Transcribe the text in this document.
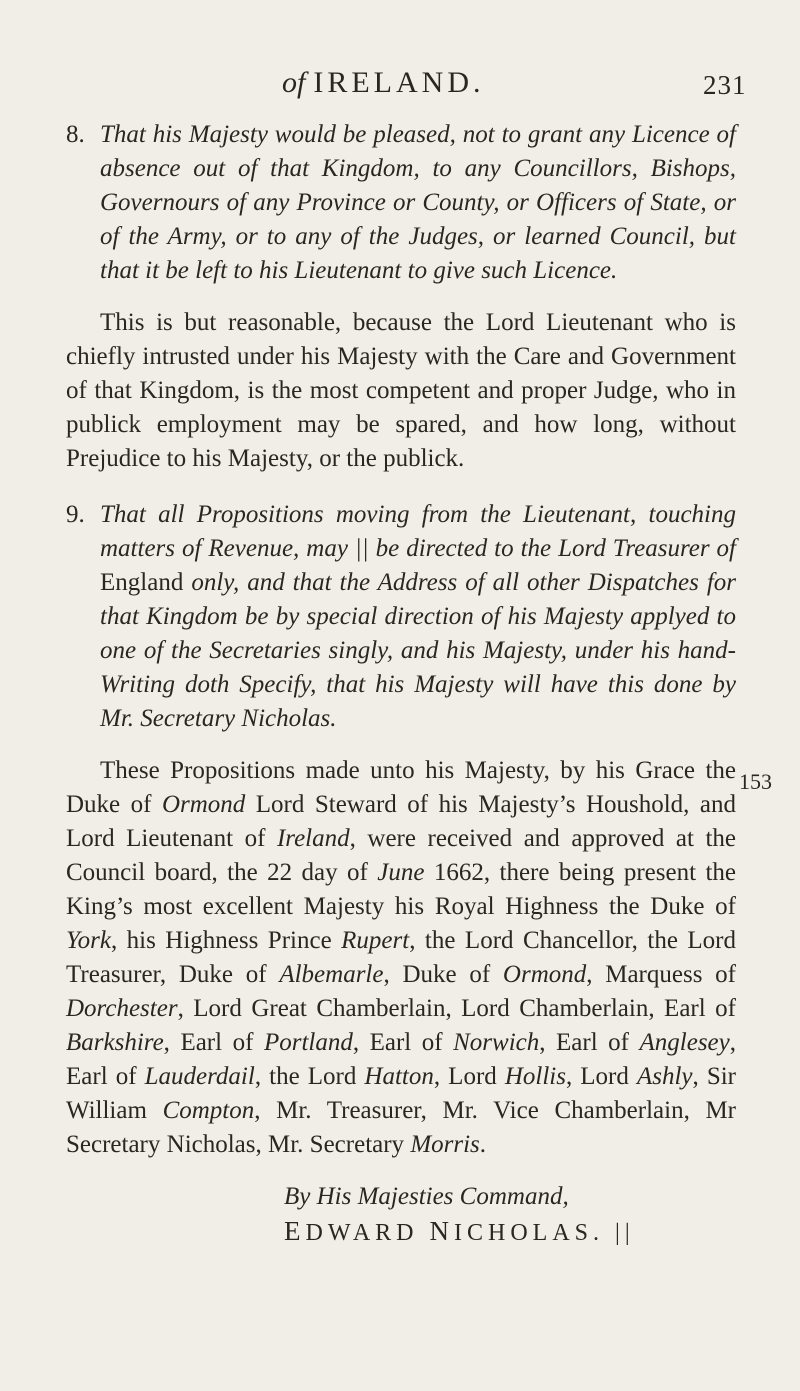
of IRELAND.	231
153

8. That his Majesty would be pleased, not to grant any Licence of absence out of that Kingdom, to any Councillors, Bishops, Governours of any Province or County, or Officers of State, or of the Army, or to any of the Judges, or learned Council, but that it be left to his Lieutenant to give such Licence.

This is but reasonable, because the Lord Lieutenant who is chiefly intrusted under his Majesty with the Care and Government of that Kingdom, is the most competent and proper Judge, who in publick employment may be spared, and how long, without Prejudice to his Majesty, or the publick.

9. That all Propositions moving from the Lieutenant, touching matters of Revenue, may || be directed to the Lord Treasurer of England only, and that the Address of all other Dispatches for that Kingdom be by special direction of his Majesty applyed to one of the Secretaries singly, and his Majesty, under his hand-Writing doth Specify, that his Majesty will have this done by Mr. Secretary Nicholas.

These Propositions made unto his Majesty, by his Grace the Duke of Ormond Lord Steward of his Majesty’s Houshold, and Lord Lieutenant of Ireland, were received and approved at the Council board, the 22 day of June 1662, there being present the King’s most excellent Majesty his Royal Highness the Duke of York, his Highness Prince Rupert, the Lord Chancellor, the Lord Treasurer, Duke of Albemarle, Duke of Ormond, Marquess of Dorchester, Lord Great Chamberlain, Lord Chamberlain, Earl of Barkshire, Earl of Portland, Earl of Norwich, Earl of Anglesey, Earl of Lauderdail, the Lord Hatton, Lord Hollis, Lord Ashly, Sir William Compton, Mr. Treasurer, Mr. Vice Chamberlain, Mr Secretary Nicholas, Mr. Secretary Morris.

By His Majesties Command,

EDWARD NICHOLAS. ||
